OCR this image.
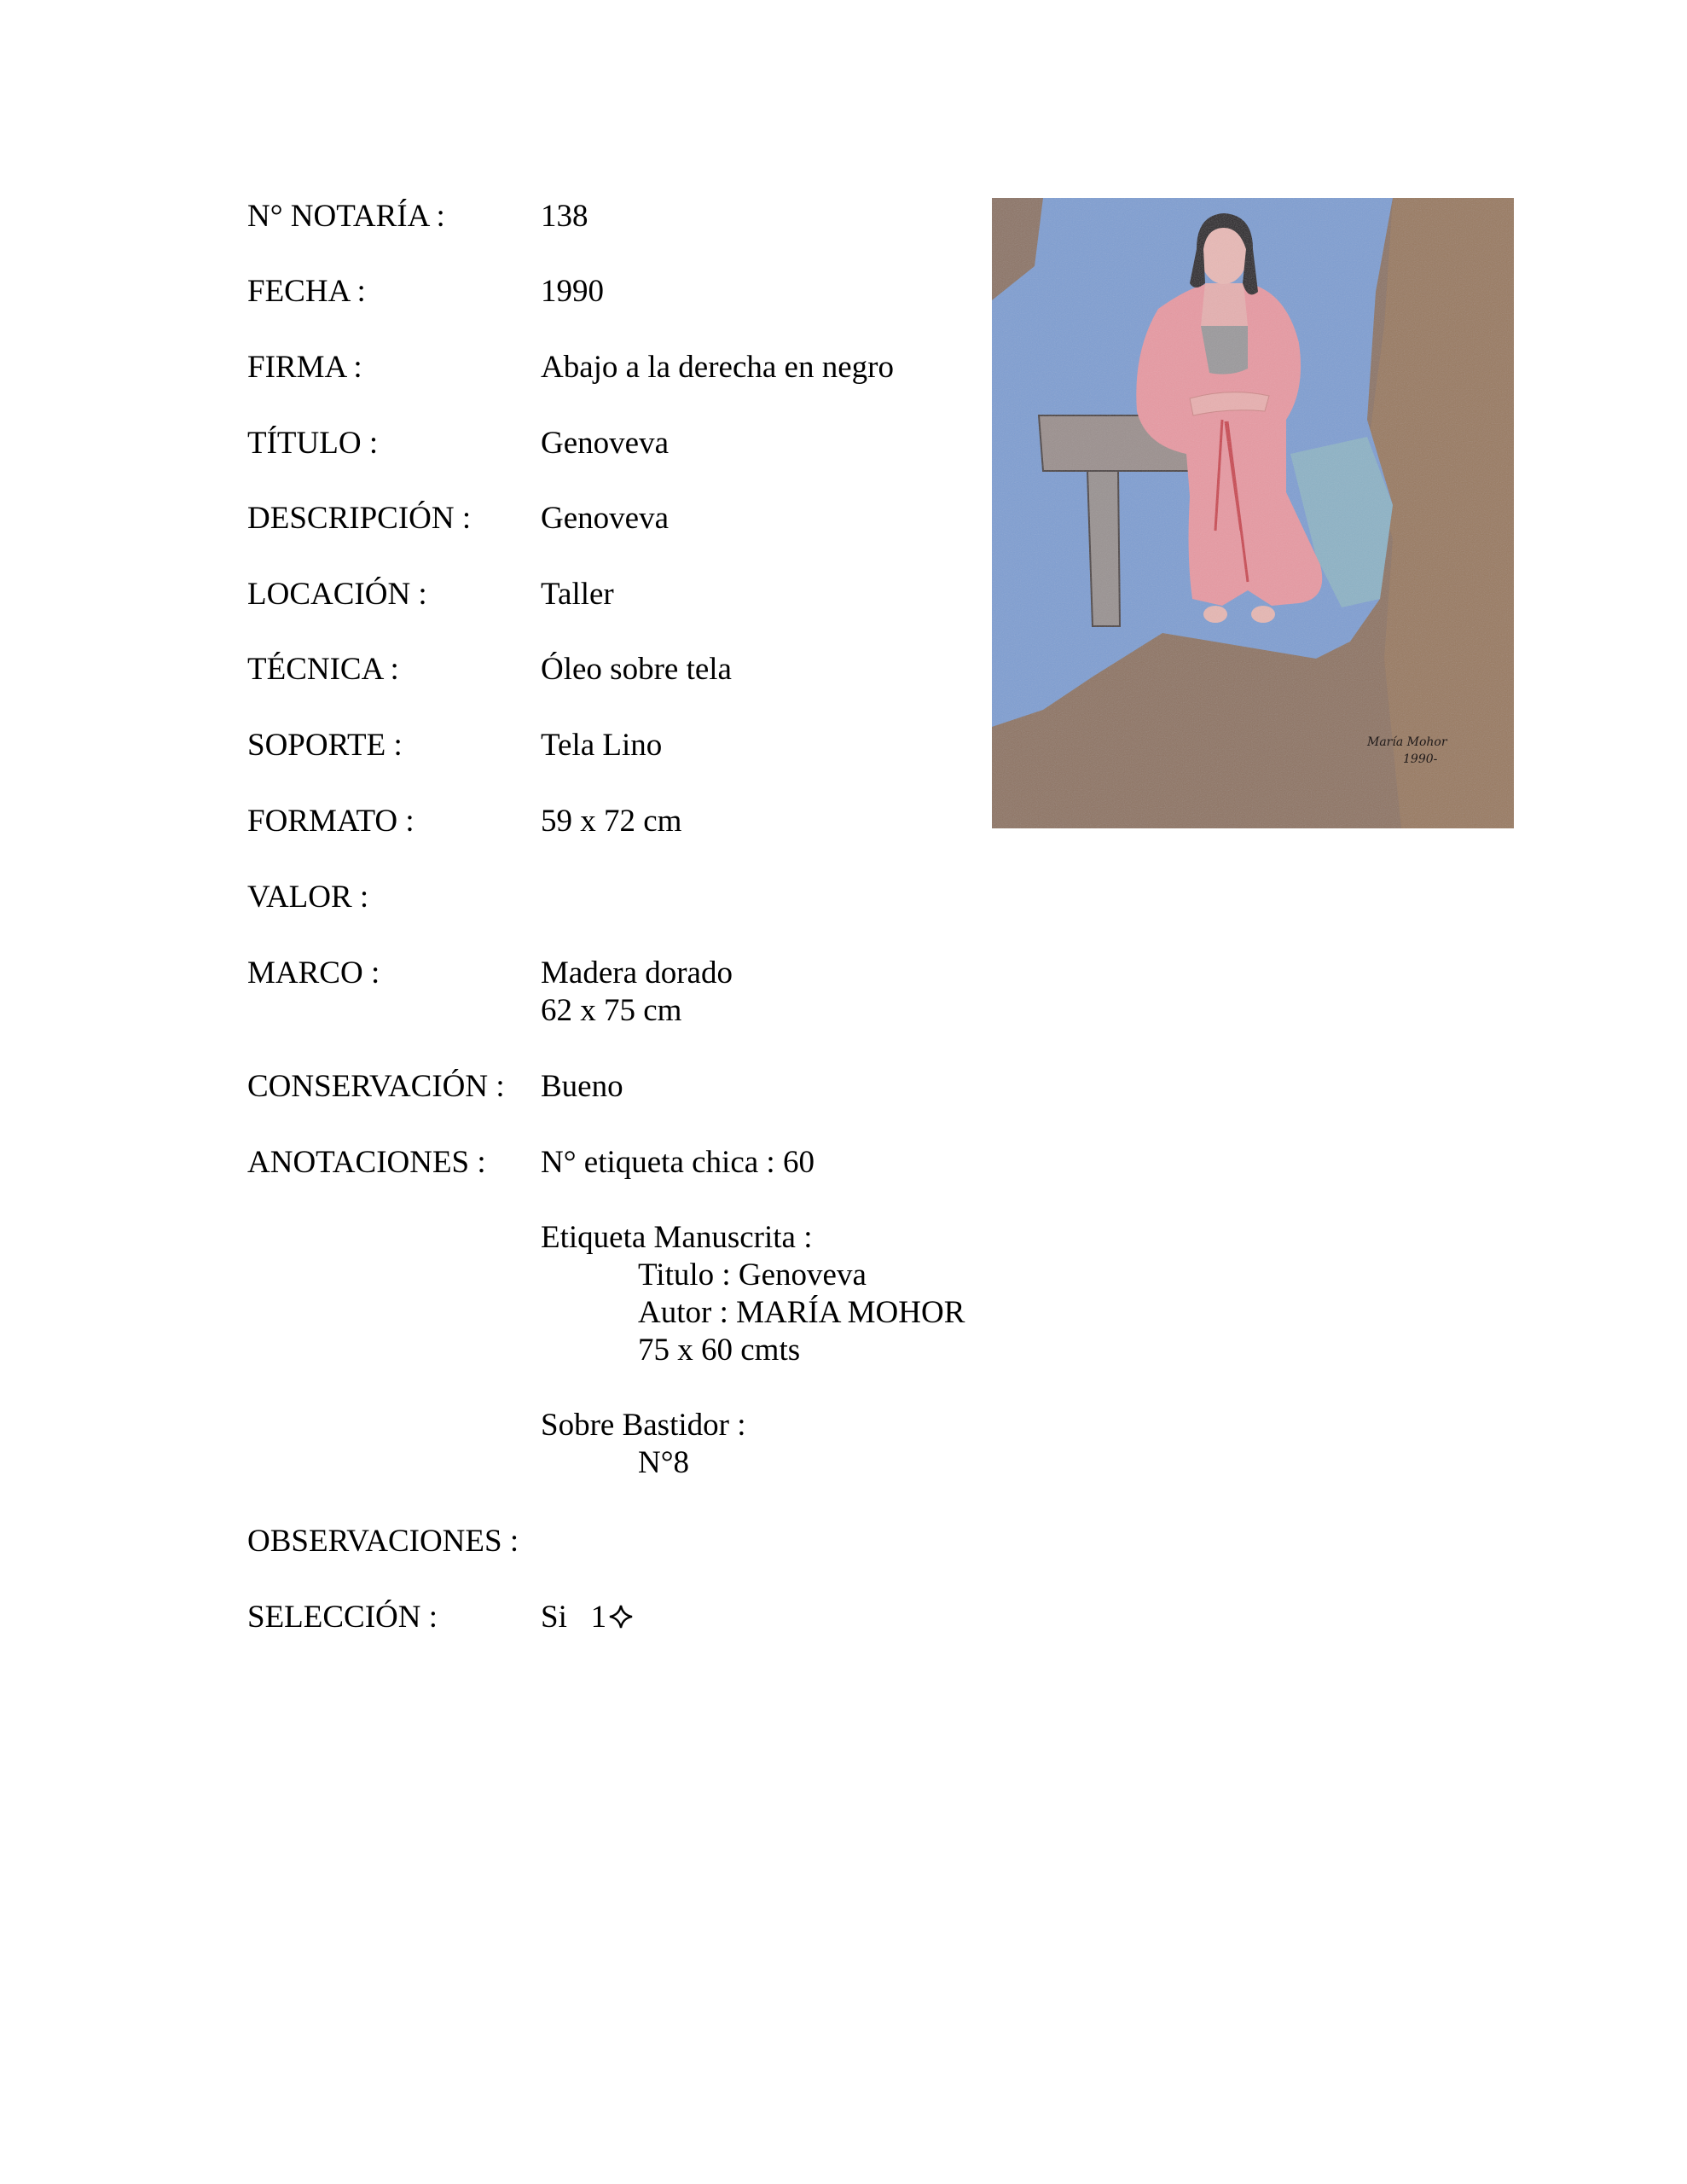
N° NOTARÍA :	138
FECHA :	1990
FIRMA :	Abajo a la derecha en negro
TÍTULO :	Genoveva
DESCRIPCIÓN : Genoveva
LOCACIÓN :	Taller
TÉCNICA :	Óleo sobre tela
SOPORTE :	Tela Lino
FORMATO :	59 x 72 cm
VALOR :
MARCO :	Madera dorado
62 x 75 cm
CONSERVACIÓN : Bueno
ANOTACIONES : N° etiqueta chica : 60
Etiqueta Manuscrita :
Titulo : Genoveva
Autor : MARÍA MOHOR
75 x 60 cmts
Sobre Bastidor :
N°8
OBSERVACIONES :
SELECCIÓN :	Si   1
María Mohor
1990-
